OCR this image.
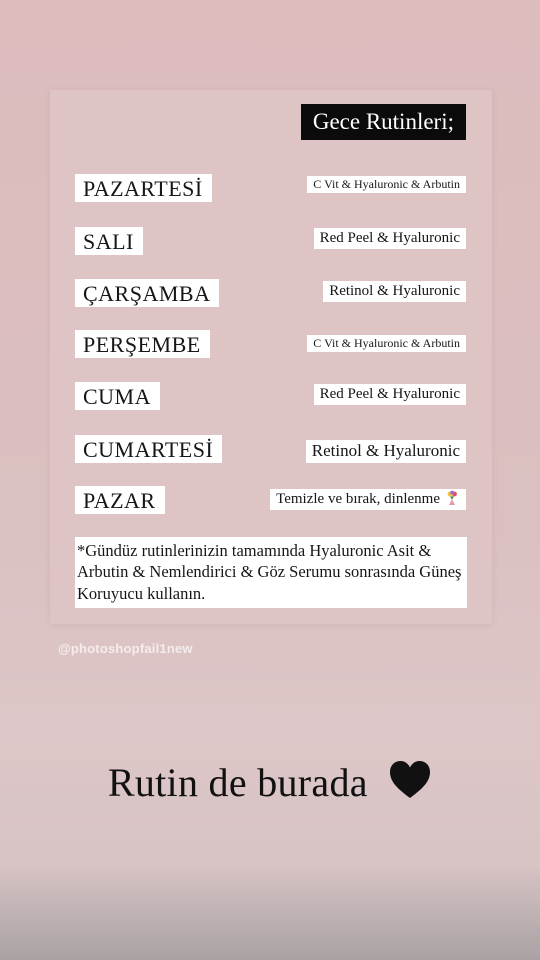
Gece Rutinleri;
PAZARTESİ	C Vit & Hyaluronic & Arbutin
SALI	Red Peel & Hyaluronic
ÇARŞAMBA	Retinol & Hyaluronic
PERŞEMBE	C Vit & Hyaluronic & Arbutin
CUMA	Red Peel & Hyaluronic
CUMARTESİ	Retinol & Hyaluronic
PAZAR	Temizle ve bırak, dinlenme
*Gündüz rutinlerinizin tamamında Hyaluronic Asit & Arbutin & Nemlendirici & Göz Serumu sonrasında Güneş Koruyucu kullanın.
@photoshopfail1new
Rutin de burada
